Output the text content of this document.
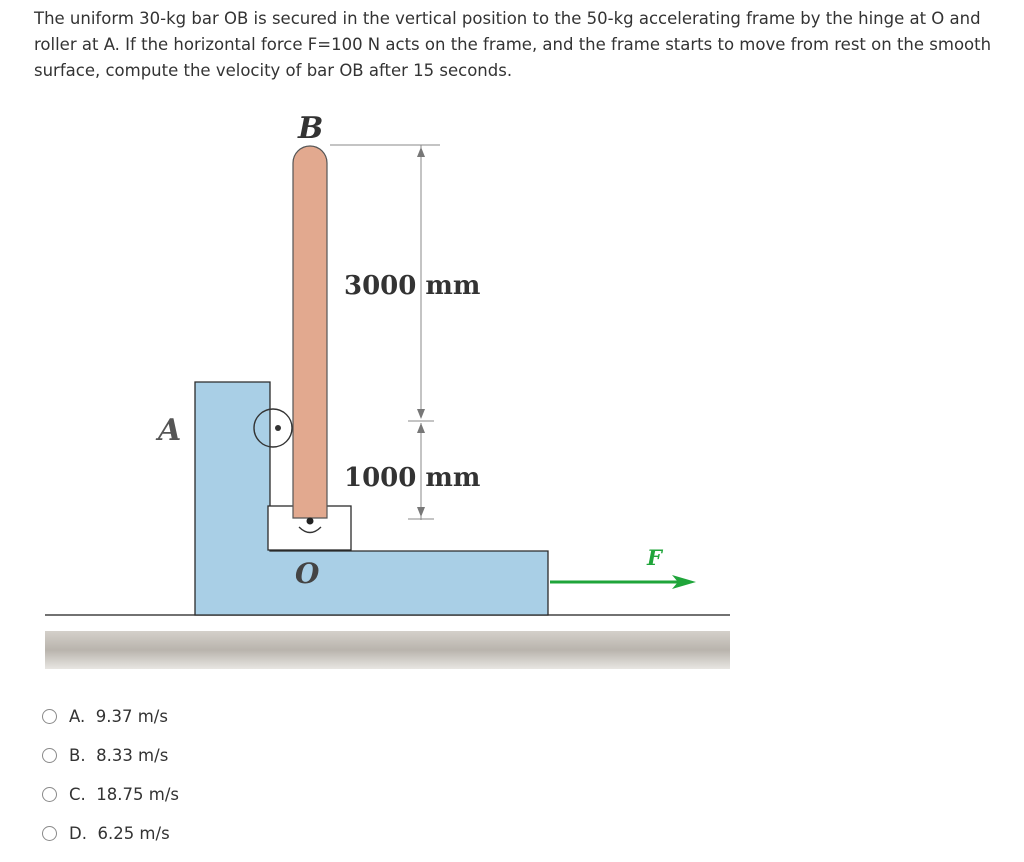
The uniform 30-kg bar OB is secured in the vertical position to the 50-kg accelerating frame by the hinge at O and roller at A. If the horizontal force F=100 N acts on the frame, and the frame starts to move from rest on the smooth surface, compute the velocity of bar OB after 15 seconds.

B
A
O	F
3000 mm
1000 mm
A. 9.37 m/s
B. 8.33 m/s
C. 18.75 m/s
D. 6.25 m/s
